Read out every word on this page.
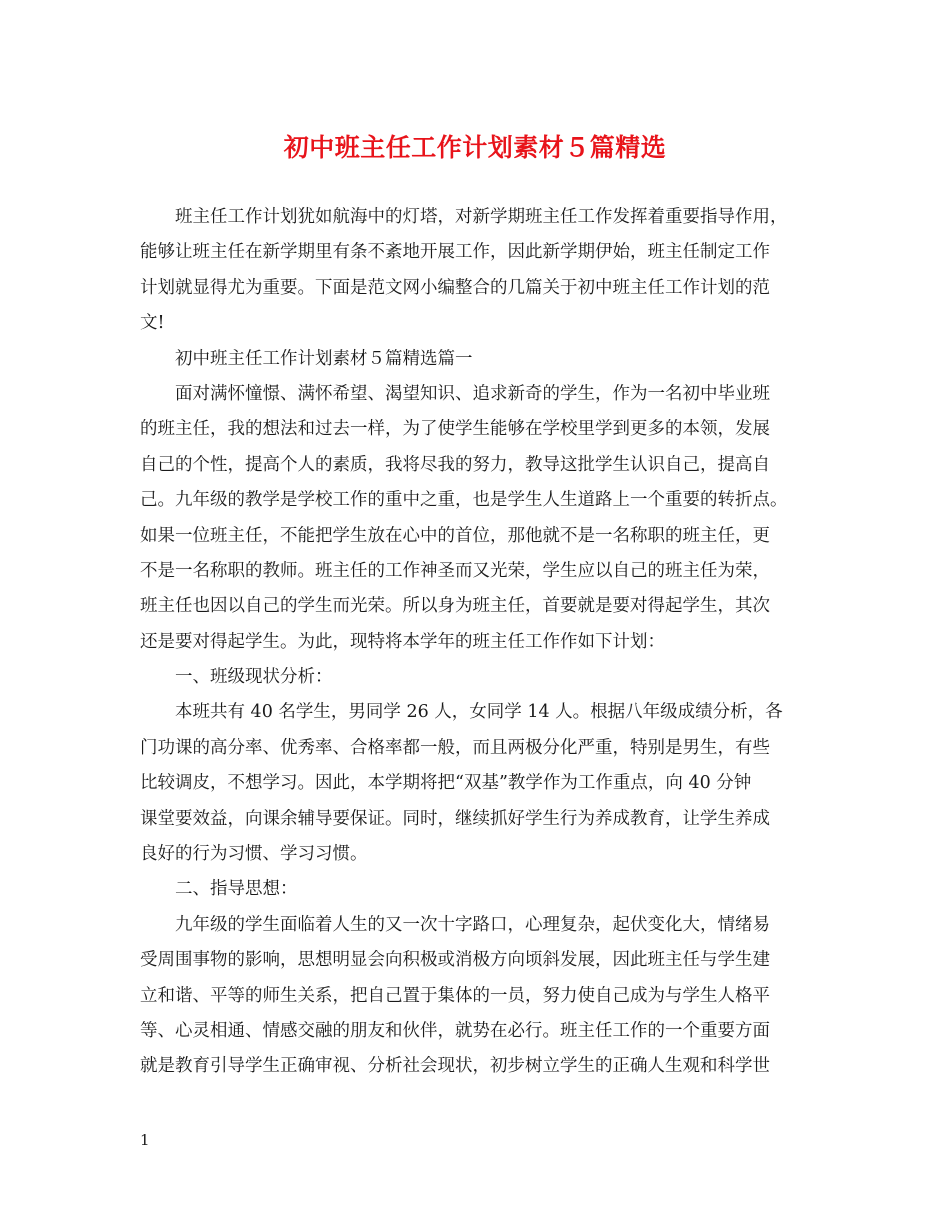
初中班主任工作计划素材５篇精选
　　班主任工作计划犹如航海中的灯塔，对新学期班主任工作发挥着重要指导作用，
能够让班主任在新学期里有条不紊地开展工作，因此新学期伊始，班主任制定工作
计划就显得尤为重要。下面是范文网小编整合的几篇关于初中班主任工作计划的范
文!
　　初中班主任工作计划素材５篇精选篇一
　　面对满怀憧憬、满怀希望、渴望知识、追求新奇的学生，作为一名初中毕业班
的班主任，我的想法和过去一样，为了使学生能够在学校里学到更多的本领，发展
自己的个性，提高个人的素质，我将尽我的努力，教导这批学生认识自己，提高自
己。九年级的教学是学校工作的重中之重，也是学生人生道路上一个重要的转折点。
如果一位班主任，不能把学生放在心中的首位，那他就不是一名称职的班主任，更
不是一名称职的教师。班主任的工作神圣而又光荣，学生应以自己的班主任为荣，
班主任也因以自己的学生而光荣。所以身为班主任，首要就是要对得起学生，其次
还是要对得起学生。为此，现特将本学年的班主任工作作如下计划：
　　一、班级现状分析：
　　本班共有 40 名学生，男同学 26 人，女同学 14 人。根据八年级成绩分析，各
门功课的高分率、优秀率、合格率都一般，而且两极分化严重，特别是男生，有些
比较调皮，不想学习。因此，本学期将把“双基”教学作为工作重点，向 40 分钟
课堂要效益，向课余辅导要保证。同时，继续抓好学生行为养成教育，让学生养成
良好的行为习惯、学习习惯。
　　二、指导思想：
　　九年级的学生面临着人生的又一次十字路口，心理复杂，起伏变化大，情绪易
受周围事物的影响，思想明显会向积极或消极方向顷斜发展，因此班主任与学生建
立和谐、平等的师生关系，把自己置于集体的一员，努力使自己成为与学生人格平
等、心灵相通、情感交融的朋友和伙伴，就势在必行。班主任工作的一个重要方面
就是教育引导学生正确审视、分析社会现状，初步树立学生的正确人生观和科学世
1
